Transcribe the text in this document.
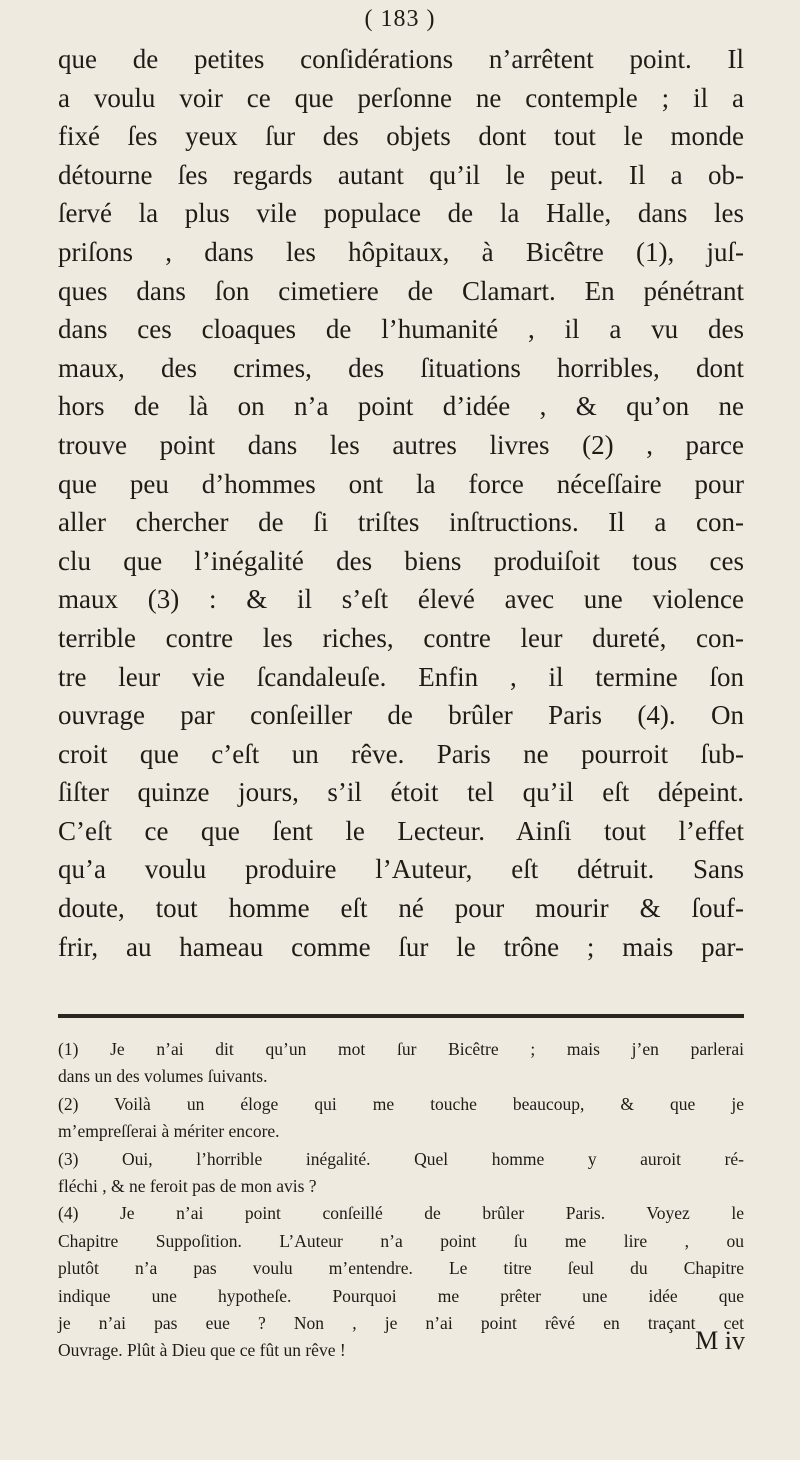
( 183 )
que de petites conſidérations n’arrêtent point. Il
a voulu voir ce que perſonne ne contemple ; il a
fixé ſes yeux ſur des objets dont tout le monde
détourne ſes regards autant qu’il le peut. Il a ob-
ſervé la plus vile populace de la Halle, dans les
priſons , dans les hôpitaux, à Bicêtre (1), juſ-
ques dans ſon cimetiere de Clamart. En pénétrant
dans ces cloaques de l’humanité , il a vu des
maux, des crimes, des ſituations horribles, dont
hors de là on n’a point d’idée , & qu’on ne
trouve point dans les autres livres (2) , parce
que peu d’hommes ont la force néceſſaire pour
aller chercher de ſi triſtes inſtructions. Il a con-
clu que l’inégalité des biens produiſoit tous ces
maux (3) : & il s’eſt élevé avec une violence
terrible contre les riches, contre leur dureté, con-
tre leur vie ſcandaleuſe. Enfin , il termine ſon
ouvrage par conſeiller de brûler Paris (4). On
croit que c’eſt un rêve. Paris ne pourroit ſub-
ſiſter quinze jours, s’il étoit tel qu’il eſt dépeint.
C’eſt ce que ſent le Lecteur. Ainſi tout l’effet
qu’a voulu produire l’Auteur, eſt détruit. Sans
doute, tout homme eſt né pour mourir & ſouf-
frir, au hameau comme ſur le trône ; mais par-
(1) Je n’ai dit qu’un mot ſur Bicêtre ; mais j’en parlerai
dans un des volumes ſuivants.
(2) Voilà un éloge qui me touche beaucoup, & que je
m’empreſſerai à mériter encore.
(3) Oui, l’horrible inégalité. Quel homme y auroit ré-
fléchi , & ne feroit pas de mon avis ?
(4) Je n’ai point conſeillé de brûler Paris. Voyez le
Chapitre Suppoſition. L’Auteur n’a point ſu me lire , ou
plutôt n’a pas voulu m’entendre. Le titre ſeul du Chapitre
indique une hypotheſe. Pourquoi me prêter une idée que
je n’ai pas eue ? Non , je n’ai point rêvé en traçant cet
Ouvrage. Plût à Dieu que ce fût un rêve !	M iv
